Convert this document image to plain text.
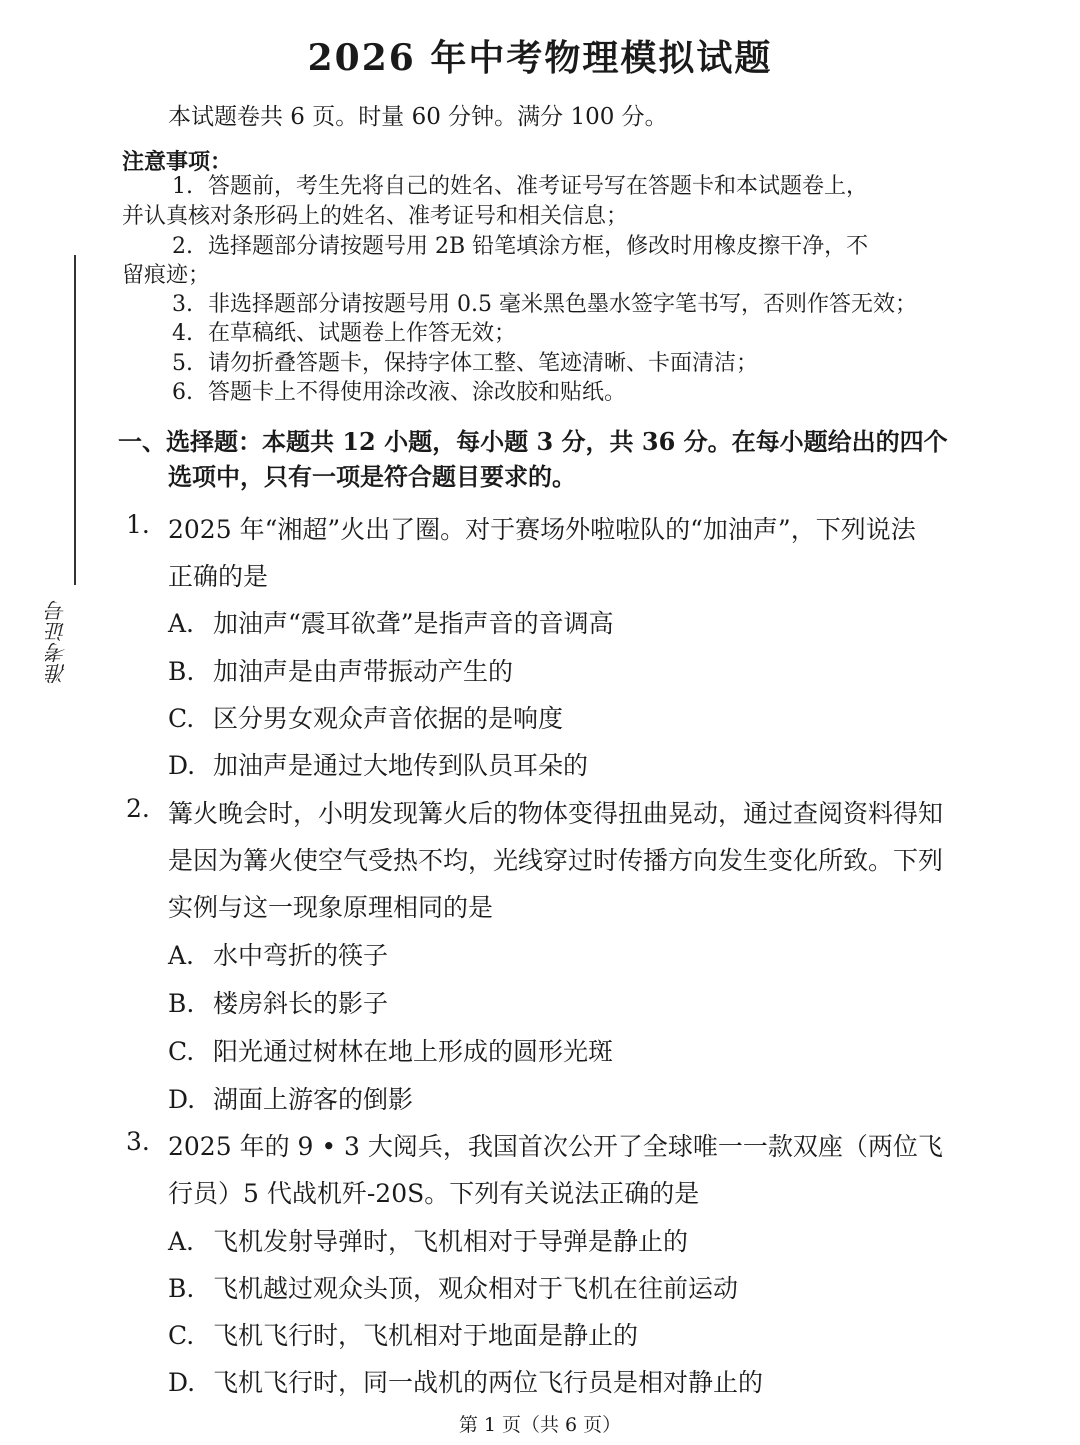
准考证号
2026 年中考物理模拟试题
本试题卷共 6 页。时量 60 分钟。满分 100 分。
注意事项：
1. 答题前，考生先将自己的姓名、准考证号写在答题卡和本试题卷上，
并认真核对条形码上的姓名、准考证号和相关信息；
2. 选择题部分请按题号用 2B 铅笔填涂方框，修改时用橡皮擦干净，不
留痕迹；
3. 非选择题部分请按题号用 0.5 毫米黑色墨水签字笔书写，否则作答无效；
4. 在草稿纸、试题卷上作答无效；
5. 请勿折叠答题卡，保持字体工整、笔迹清晰、卡面清洁；
6. 答题卡上不得使用涂改液、涂改胶和贴纸。
一、选择题：本题共 12 小题，每小题 3 分，共 36 分。在每小题给出的四个
选项中，只有一项是符合题目要求的。
1. 2025 年“湘超”火出了圈。对于赛场外啦啦队的“加油声”，下列说法
正确的是
A. 加油声“震耳欲聋”是指声音的音调高
B. 加油声是由声带振动产生的
C. 区分男女观众声音依据的是响度
D. 加油声是通过大地传到队员耳朵的
2. 篝火晚会时，小明发现篝火后的物体变得扭曲晃动，通过查阅资料得知
是因为篝火使空气受热不均，光线穿过时传播方向发生变化所致。下列
实例与这一现象原理相同的是
A. 水中弯折的筷子
B. 楼房斜长的影子
C. 阳光通过树林在地上形成的圆形光斑
D. 湖面上游客的倒影
3. 2025 年的 9 • 3 大阅兵，我国首次公开了全球唯一一款双座（两位飞
行员）5 代战机歼-20S。下列有关说法正确的是
A. 飞机发射导弹时，飞机相对于导弹是静止的
B. 飞机越过观众头顶，观众相对于飞机在往前运动
C. 飞机飞行时，飞机相对于地面是静止的
D. 飞机飞行时，同一战机的两位飞行员是相对静止的
第 1 页（共 6 页）
